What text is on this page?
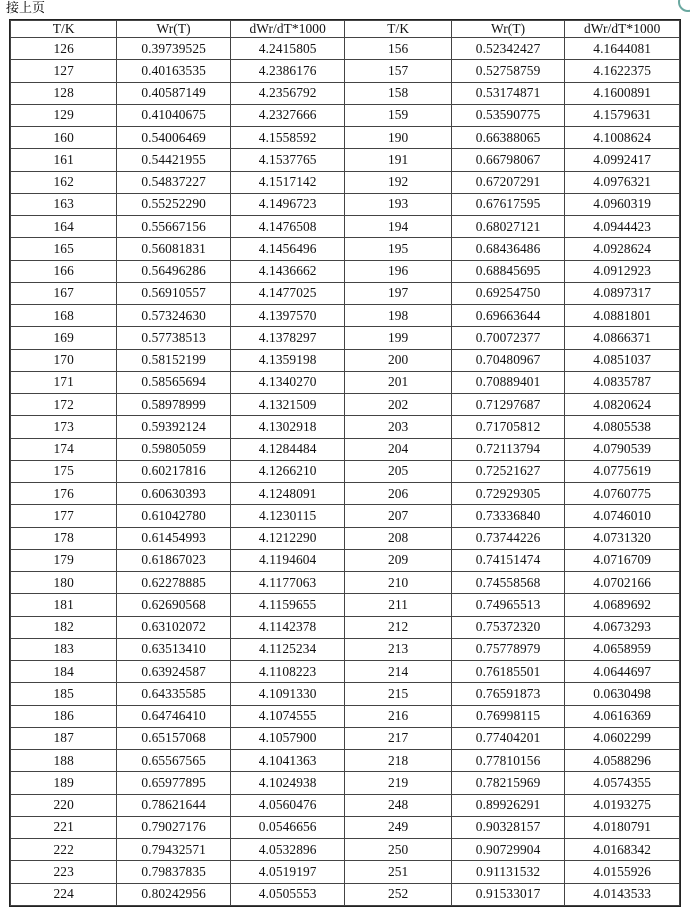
接上页
T/K	Wr(T)	dWr/dT*1000	T/K	Wr(T)	dWr/dT*1000
126	0.39739525	4.2415805	156	0.52342427	4.1644081
127	0.40163535	4.2386176	157	0.52758759	4.1622375
128	0.40587149	4.2356792	158	0.53174871	4.1600891
129	0.41040675	4.2327666	159	0.53590775	4.1579631
160	0.54006469	4.1558592	190	0.66388065	4.1008624
161	0.54421955	4.1537765	191	0.66798067	4.0992417
162	0.54837227	4.1517142	192	0.67207291	4.0976321
163	0.55252290	4.1496723	193	0.67617595	4.0960319
164	0.55667156	4.1476508	194	0.68027121	4.0944423
165	0.56081831	4.1456496	195	0.68436486	4.0928624
166	0.56496286	4.1436662	196	0.68845695	4.0912923
167	0.56910557	4.1477025	197	0.69254750	4.0897317
168	0.57324630	4.1397570	198	0.69663644	4.0881801
169	0.57738513	4.1378297	199	0.70072377	4.0866371
170	0.58152199	4.1359198	200	0.70480967	4.0851037
171	0.58565694	4.1340270	201	0.70889401	4.0835787
172	0.58978999	4.1321509	202	0.71297687	4.0820624
173	0.59392124	4.1302918	203	0.71705812	4.0805538
174	0.59805059	4.1284484	204	0.72113794	4.0790539
175	0.60217816	4.1266210	205	0.72521627	4.0775619
176	0.60630393	4.1248091	206	0.72929305	4.0760775
177	0.61042780	4.1230115	207	0.73336840	4.0746010
178	0.61454993	4.1212290	208	0.73744226	4.0731320
179	0.61867023	4.1194604	209	0.74151474	4.0716709
180	0.62278885	4.1177063	210	0.74558568	4.0702166
181	0.62690568	4.1159655	211	0.74965513	4.0689692
182	0.63102072	4.1142378	212	0.75372320	4.0673293
183	0.63513410	4.1125234	213	0.75778979	4.0658959
184	0.63924587	4.1108223	214	0.76185501	4.0644697
185	0.64335585	4.1091330	215	0.76591873	0.0630498
186	0.64746410	4.1074555	216	0.76998115	4.0616369
187	0.65157068	4.1057900	217	0.77404201	4.0602299
188	0.65567565	4.1041363	218	0.77810156	4.0588296
189	0.65977895	4.1024938	219	0.78215969	4.0574355
220	0.78621644	4.0560476	248	0.89926291	4.0193275
221	0.79027176	0.0546656	249	0.90328157	4.0180791
222	0.79432571	4.0532896	250	0.90729904	4.0168342
223	0.79837835	4.0519197	251	0.91131532	4.0155926
224	0.80242956	4.0505553	252	0.91533017	4.0143533
